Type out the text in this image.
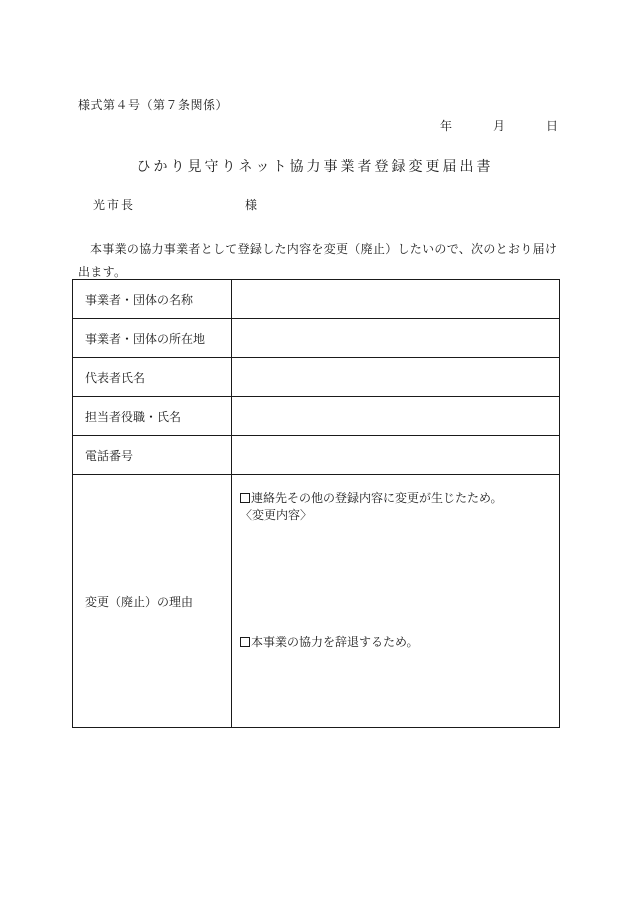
様式第４号（第７条関係）
年	月	日
ひかり見守りネット協力事業者登録変更届出書
光市長	様
本事業の協力事業者として登録した内容を変更（廃止）したいので、次のとおり届け出ます。
事業者・団体の名称	
事業者・団体の所在地	
代表者氏名	
担当者役職・氏名	
電話番号	
変更（廃止）の理由	連絡先その他の登録内容に変更が生じたため。
〈変更内容〉
本事業の協力を辞退するため。
